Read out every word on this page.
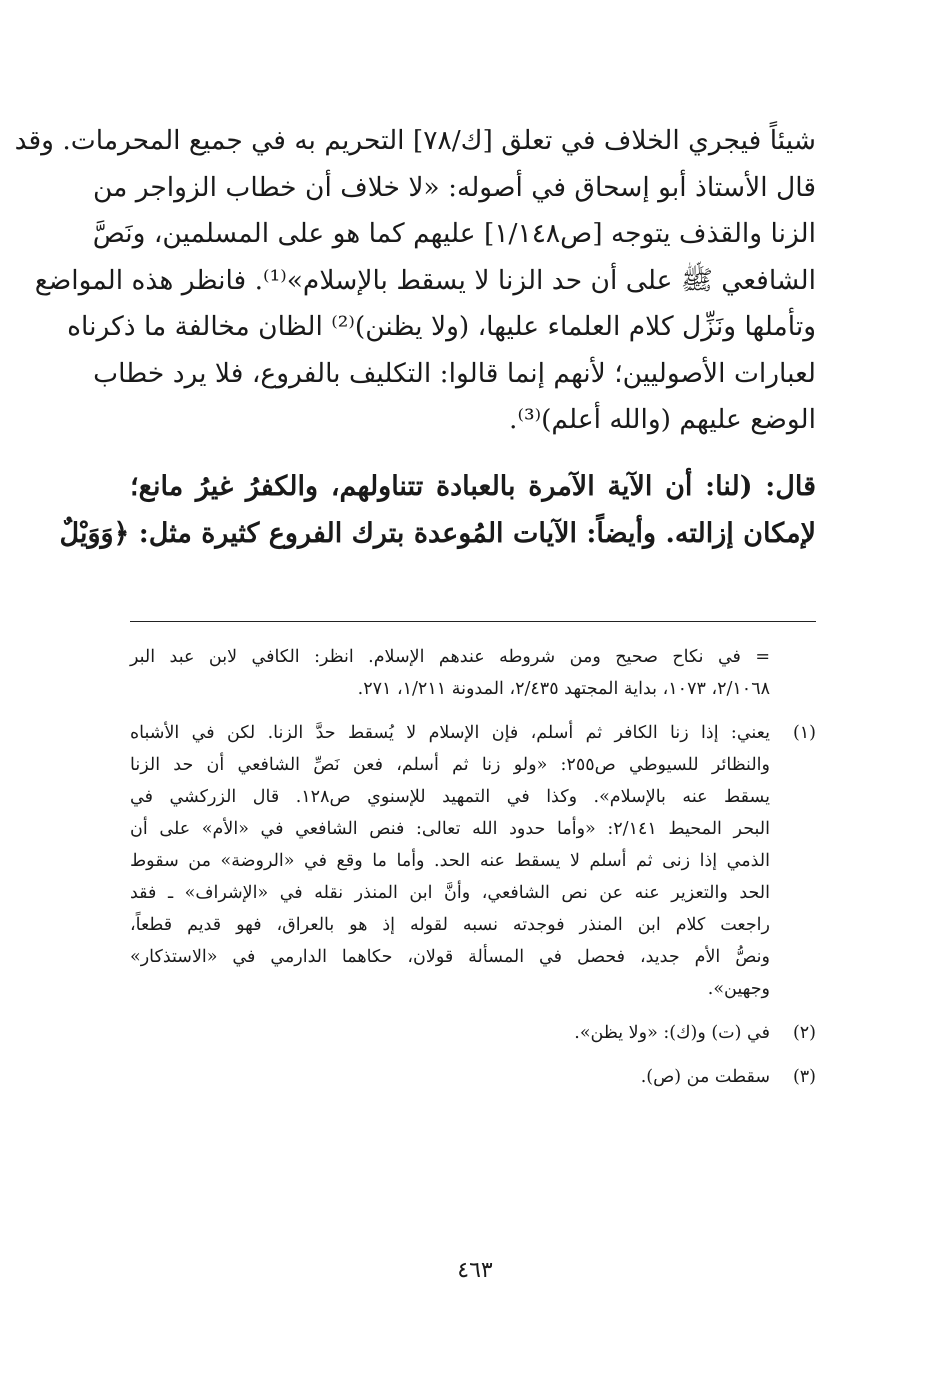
شيئاً فيجري الخلاف في تعلق [ك/٧٨] التحريم به في جميع المحرمات. وقد

قال الأستاذ أبو إسحاق في أصوله: «لا خلاف أن خطاب الزواجر من

الزنا والقذف يتوجه [ص١/١٤٨] عليهم كما هو على المسلمين، ونَصَّ

الشافعي ﷺ على أن حد الزنا لا يسقط بالإسلام»⁽¹⁾. فانظر هذه المواضع

وتأملها ونَزِّل كلام العلماء عليها، (ولا يظنن)⁽²⁾ الظان مخالفة ما ذكرناه

لعبارات الأصوليين؛ لأنهم إنما قالوا: التكليف بالفروع، فلا يرد خطاب

الوضع عليهم (والله أعلم)⁽³⁾.

قال: (لنا: أن الآية الآمرة بالعبادة تتناولهم، والكفرُ غيرُ مانع؛

لإمكان إزالته. وأيضاً: الآيات المُوعدة بترك الفروع كثيرة مثل: ﴿وَوَيْلٌ

= في نكاح صحيح ومن شروطه عندهم الإسلام. انظر: الكافي لابن عبد البر

٢/١٠٦٨، ١٠٧٣، بداية المجتهد ٢/٤٣٥، المدونة ١/٢١١، ٢٧١.

(١)

يعني: إذا زنا الكافر ثم أسلم، فإن الإسلام لا يُسقط حدَّ الزنا. لكن في الأشباه

والنظائر للسيوطي ص٢٥٥: «ولو زنا ثم أسلم، فعن نَصِّ الشافعي أن حد الزنا

يسقط عنه بالإسلام». وكذا في التمهيد للإسنوي ص١٢٨. قال الزركشي في

البحر المحيط ٢/١٤١: «وأما حدود الله تعالى: فنص الشافعي في «الأم» على أن

الذمي إذا زنى ثم أسلم لا يسقط عنه الحد. وأما ما وقع في «الروضة» من سقوط

الحد والتعزير عنه عن نص الشافعي، وأنَّ ابن المنذر نقله في «الإشراف» ـ فقد

راجعت كلام ابن المنذر فوجدته نسبه لقوله إذ هو بالعراق، فهو قديم قطعاً،

ونصُّ الأم جديد، فحصل في المسألة قولان، حكاهما الدارمي في «الاستذكار»

وجهين».

(٢)

في (ت) و(ك): «ولا يظن».

(٣)

سقطت من (ص).

٤٦٣
